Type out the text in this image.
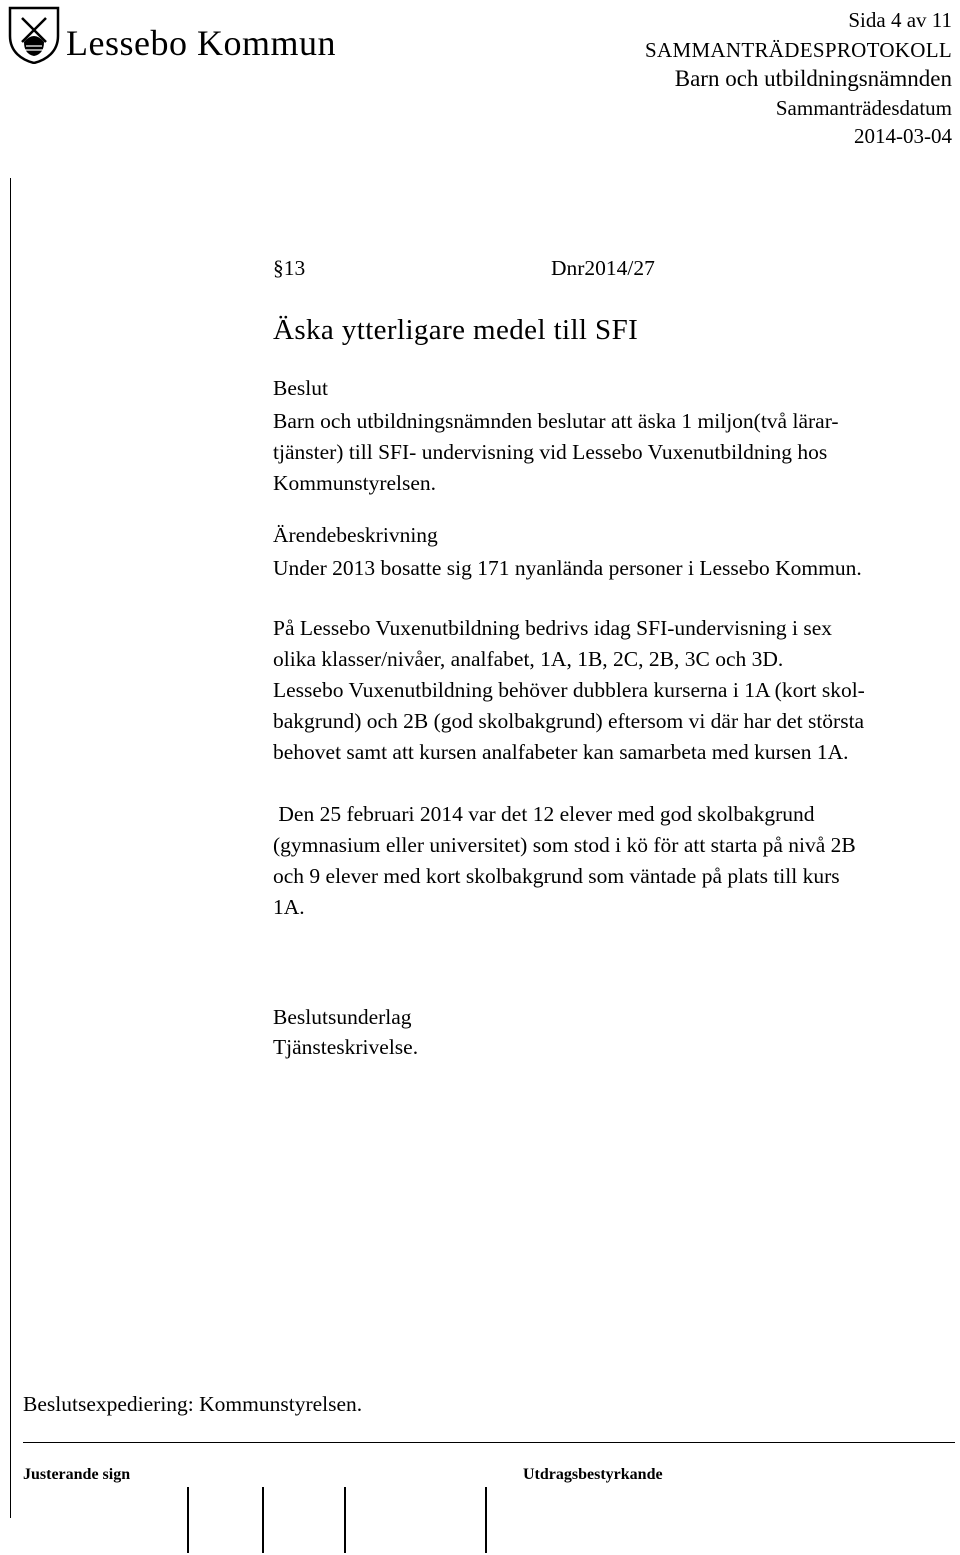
Lessebo Kommun
Sida 4 av 11
SAMMANTRÄDESPROTOKOLL
Barn och utbildningsnämnden
Sammanträdesdatum
2014-03-04
§13	Dnr2014/27
Äska ytterligare medel till SFI
Beslut
Barn och utbildningsnämnden beslutar att äska 1 miljon(två lärar-
tjänster) till SFI- undervisning vid Lessebo Vuxenutbildning hos
Kommunstyrelsen.
Ärendebeskrivning
Under 2013 bosatte sig 171 nyanlända personer i Lessebo Kommun.
På Lessebo Vuxenutbildning bedrivs idag SFI-undervisning i sex
olika klasser/nivåer, analfabet, 1A, 1B, 2C, 2B, 3C och 3D.
Lessebo Vuxenutbildning behöver dubblera kurserna i 1A (kort skol-
bakgrund) och 2B (god skolbakgrund) eftersom vi där har det största
behovet samt att kursen analfabeter kan samarbeta med kursen 1A.
Den 25 februari 2014 var det 12 elever med god skolbakgrund
(gymnasium eller universitet) som stod i kö för att starta på nivå 2B
och 9 elever med kort skolbakgrund som väntade på plats till kurs
1A.
Beslutsunderlag
Tjänsteskrivelse.
Beslutsexpediering: Kommunstyrelsen.
Justerande sign	Utdragsbestyrkande
